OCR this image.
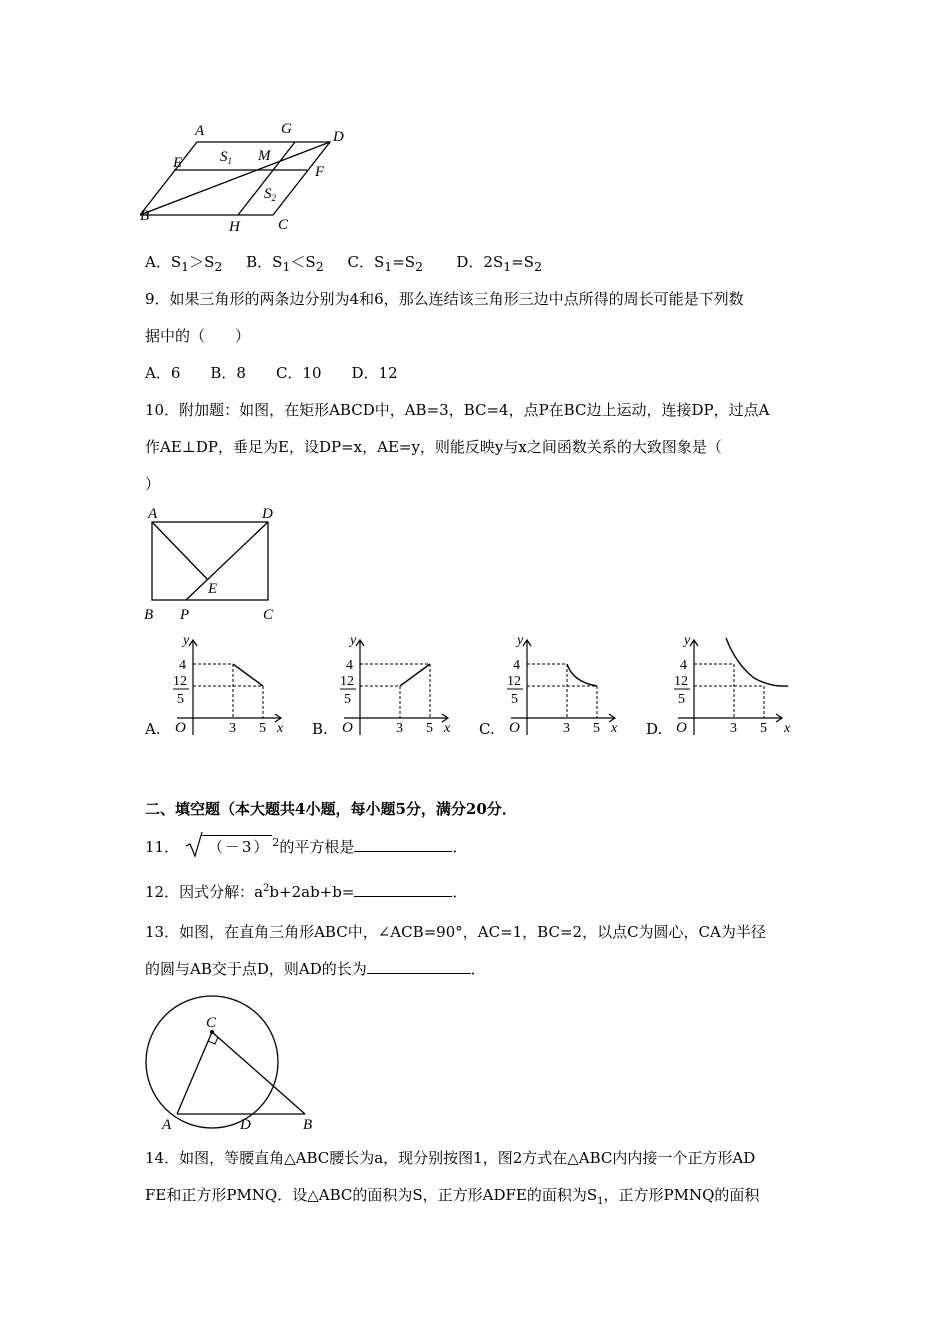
A	G	D
E	$S_1$ M
F
$S_2$
B
H	C
A．$S_1>S_2$ B．$S_1<S_2$ C．$S_1=S_2$ D．$2S_1=S_2$
9．如果三角形的两条边分别为4和6，那么连结该三角形三边中点所得的周长可能是下列数
据中的（　　）
A．6　　B．8　　C．10　　D．12
10．附加题：如图，在矩形ABCD中，AB=3，BC=4，点P在BC边上运动，连接DP，过点A
作AE⊥DP，垂足为E，设DP=x，AE=y，则能反映y与x之间函数关系的大致图象是（
）
A	D
E
B P	C
A.
y
4
12
5
O	3 5 x B.
y
4
12
5
O	3 5 x C.
y
4
12
5
O	3 5 x D.
y
4
12
5
O	3 5 x
二、填空题（本大题共4小题，每小题5分，满分20分．
11． （－3） $^2$的平方根是	．
12．因式分解：$a^2b+2ab+b=$	．
13．如图，在直角三角形ABC中，∠ACB=90°，AC=1，BC=2，以点C为圆心，CA为半径
的圆与AB交于点D，则AD的长为	．
C
A	D	B
14．如图，等腰直角△ABC腰长为a，现分别按图1，图2方式在△ABC内内接一个正方形AD
FE和正方形PMNQ．设△ABC的面积为S，正方形ADFE的面积为$S_1$，正方形PMNQ的面积
